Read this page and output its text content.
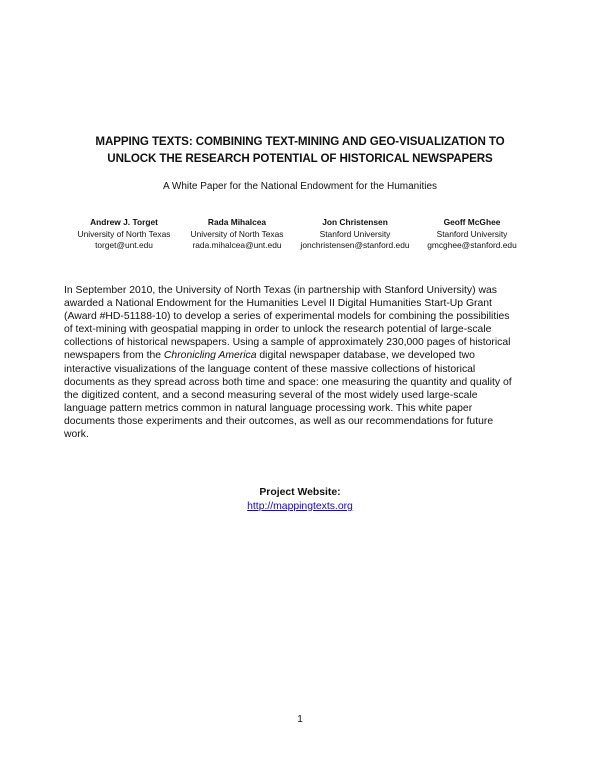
MAPPING TEXTS: COMBINING TEXT-MINING AND GEO-VISUALIZATION TO
UNLOCK THE RESEARCH POTENTIAL OF HISTORICAL NEWSPAPERS
A White Paper for the National Endowment for the Humanities
Andrew J. Torget
University of North Texas
torget@unt.edu
Rada Mihalcea
University of North Texas
rada.mihalcea@unt.edu
Jon Christensen
Stanford University
jonchristensen@stanford.edu
Geoff McGhee
Stanford University
gmcghee@stanford.edu

In September 2010, the University of North Texas (in partnership with Stanford University) was
awarded a National Endowment for the Humanities Level II Digital Humanities Start-Up Grant
(Award #HD-51188-10) to develop a series of experimental models for combining the possibilities
of text-mining with geospatial mapping in order to unlock the research potential of large-scale
collections of historical newspapers. Using a sample of approximately 230,000 pages of historical
newspapers from the Chronicling America digital newspaper database, we developed two
interactive visualizations of the language content of these massive collections of historical
documents as they spread across both time and space: one measuring the quantity and quality of
the digitized content, and a second measuring several of the most widely used large-scale
language pattern metrics common in natural language processing work. This white paper
documents those experiments and their outcomes, as well as our recommendations for future
work.

Project Website:
http://mappingtexts.org
1
